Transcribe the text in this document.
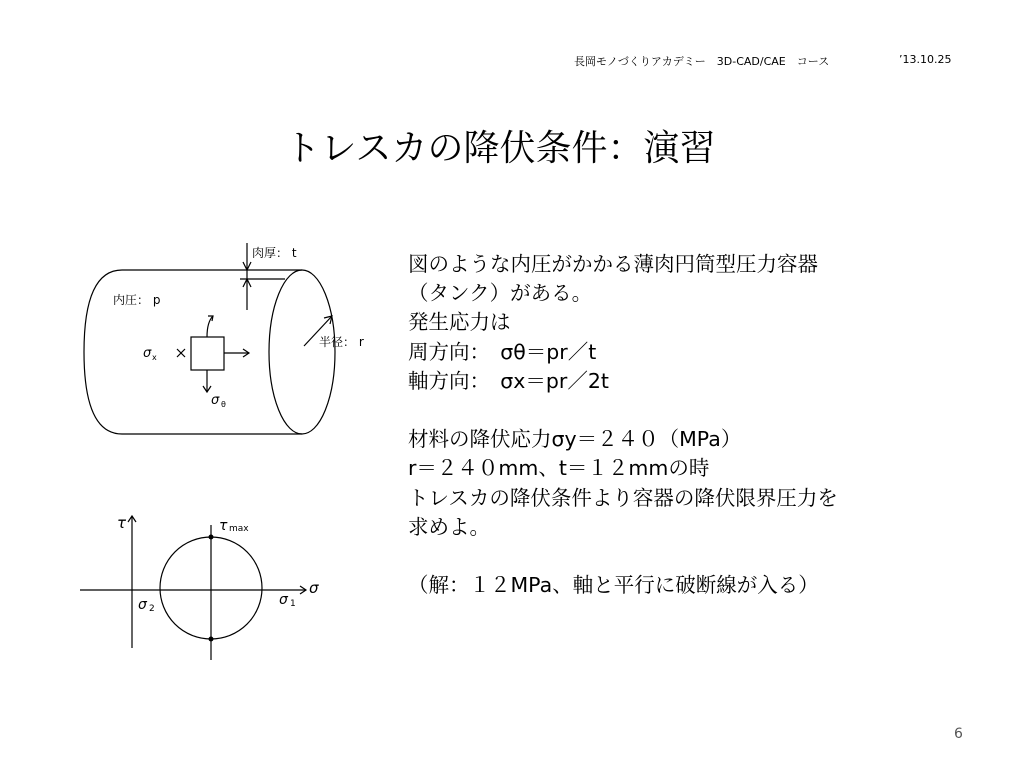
長岡モノづくりアカデミー　3D-CAD/CAE　コース	’13.10.25
トレスカの降伏条件：演習
肉厚： t
内圧： p
半径： r
σ x
σ θ
τ	τ max
σ
σ 1
σ 2
図のような内圧がかかる薄肉円筒型圧力容器
（タンク）がある。
発生応力は
周方向：　σθ＝pr／t
軸方向：　σx＝pr／2t
材料の降伏応力σy＝２４０（MPa）
r＝２４０mm、t＝１２mmの時
トレスカの降伏条件より容器の降伏限界圧力を
求めよ。
（解：１２MPa、軸と平行に破断線が入る）
6
